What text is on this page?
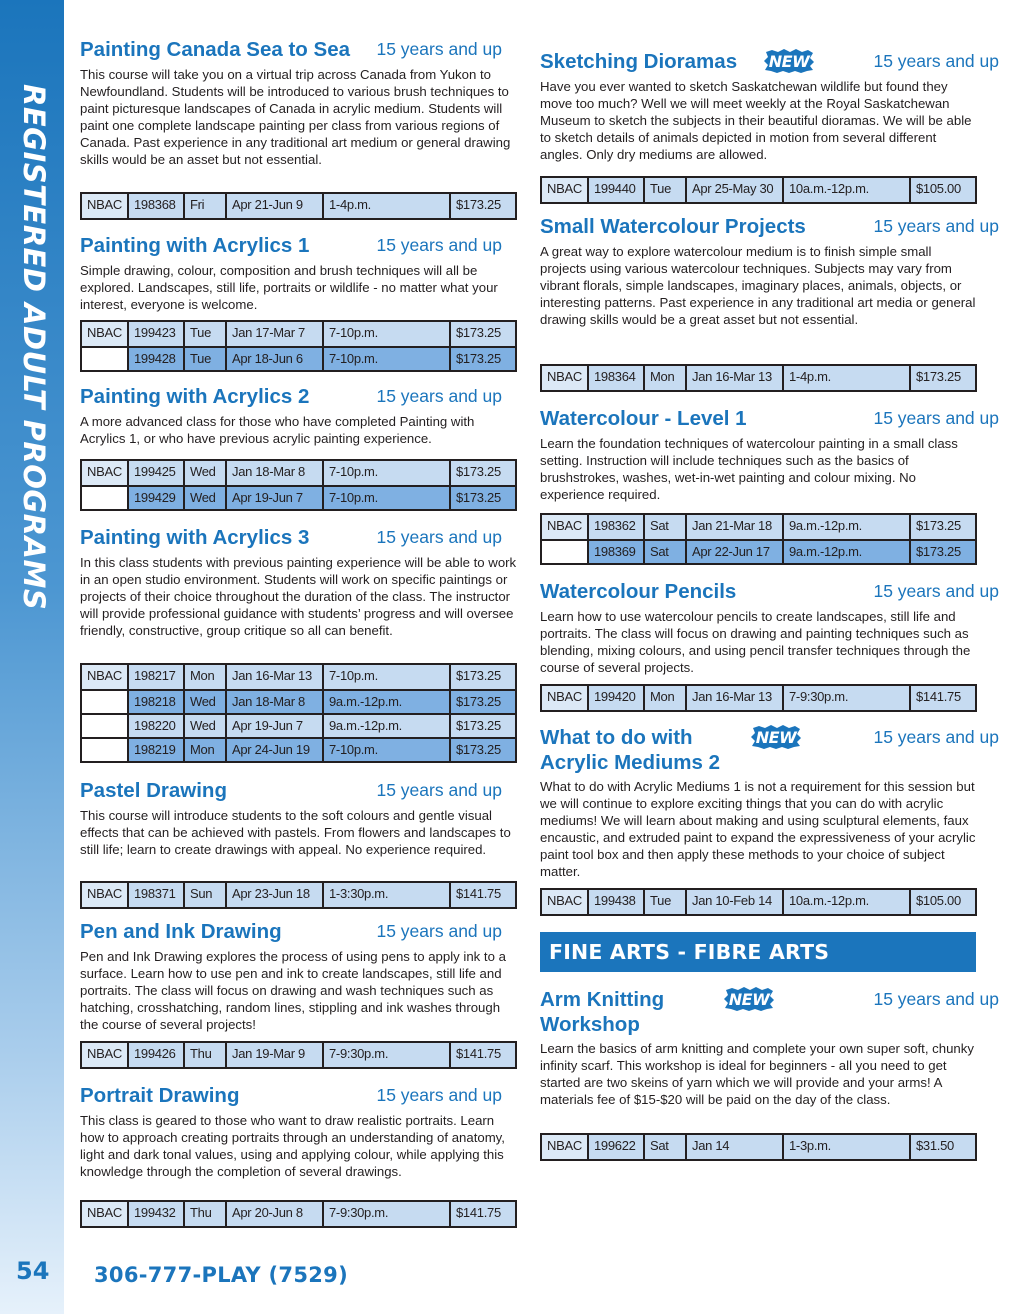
REGISTERED ADULT PROGRAMS
54 306-777-PLAY (7529)
Painting Canada Sea to Sea	15 years and up
This course will take you on a virtual trip across Canada from Yukon to Newfoundland. Students will be introduced to various brush techniques to paint picturesque landscapes of Canada in acrylic medium. Students will paint one complete landscape painting per class from various regions of Canada. Past experience in any traditional art medium or general drawing skills would be an asset but not essential.
NBAC 198368	Fri	Apr 21-Jun 9	1-4p.m.	$173.25
Painting with Acrylics 1	15 years and up
Simple drawing, colour, composition and brush techniques will all be explored. Landscapes, still life, portraits or wildlife - no matter what your interest, everyone is welcome.
NBAC 199423	Tue	Jan 17-Mar 7	7-10p.m.	$173.25
199428	Tue	Apr 18-Jun 6	7-10p.m.	$173.25
Painting with Acrylics 2	15 years and up
A more advanced class for those who have completed Painting with Acrylics 1, or who have previous acrylic painting experience.
NBAC 199425	Wed	Jan 18-Mar 8	7-10p.m.	$173.25
199429	Wed	Apr 19-Jun 7	7-10p.m.	$173.25
Painting with Acrylics 3	15 years and up
In this class students with previous painting experience will be able to work in an open studio environment. Students will work on specific paintings or projects of their choice throughout the duration of the class. The instructor will provide professional guidance with students’ progress and will oversee friendly, constructive, group critique so all can benefit.
NBAC 198217	Mon	Jan 16-Mar 13	7-10p.m.	$173.25
198218	Wed	Jan 18-Mar 8	9a.m.-12p.m.	$173.25
198220	Wed	Apr 19-Jun 7	9a.m.-12p.m.	$173.25
198219	Mon	Apr 24-Jun 19	7-10p.m.	$173.25
Pastel Drawing	15 years and up
This course will introduce students to the soft colours and gentle visual effects that can be achieved with pastels. From flowers and landscapes to still life; learn to create drawings with appeal. No experience required.
NBAC 198371	Sun	Apr 23-Jun 18	1-3:30p.m.	$141.75
Pen and Ink Drawing	15 years and up
Pen and Ink Drawing explores the process of using pens to apply ink to a surface. Learn how to use pen and ink to create landscapes, still life and portraits. The class will focus on drawing and wash techniques such as hatching, crosshatching, random lines, stippling and ink washes through the course of several projects!
NBAC 199426	Thu	Jan 19-Mar 9	7-9:30p.m.	$141.75
Portrait Drawing	15 years and up
This class is geared to those who want to draw realistic portraits. Learn how to approach creating portraits through an understanding of anatomy, light and dark tonal values, using and applying colour, while applying this knowledge through the completion of several drawings.
NBAC 199432	Thu	Apr 20-Jun 8	7-9:30p.m.	$141.75
Sketching Dioramas	NEW	15 years and up
Have you ever wanted to sketch Saskatchewan wildlife but found they move too much? Well we will meet weekly at the Royal Saskatchewan Museum to sketch the subjects in their beautiful dioramas. We will be able to sketch details of animals depicted in motion from several different angles. Only dry mediums are allowed.
NBAC 199440	Tue	Apr 25-May 30	10a.m.-12p.m.	$105.00
Small Watercolour Projects	15 years and up
A great way to explore watercolour medium is to finish simple small projects using various watercolour techniques. Subjects may vary from vibrant florals, simple landscapes, imaginary places, animals, objects, or interesting patterns. Past experience in any traditional art media or general drawing skills would be a great asset but not essential.
NBAC 198364	Mon	Jan 16-Mar 13	1-4p.m.	$173.25
Watercolour - Level 1	15 years and up
Learn the foundation techniques of watercolour painting in a small class setting. Instruction will include techniques such as the basics of brushstrokes, washes, wet-in-wet painting and colour mixing. No experience required.
NBAC 198362	Sat	Jan 21-Mar 18	9a.m.-12p.m.	$173.25
198369	Sat	Apr 22-Jun 17	9a.m.-12p.m.	$173.25
Watercolour Pencils	15 years and up
Learn how to use watercolour pencils to create landscapes, still life and portraits. The class will focus on drawing and painting techniques such as blending, mixing colours, and using pencil transfer techniques through the course of several projects.
NBAC 199420	Mon	Jan 16-Mar 13	7-9:30p.m.	$141.75
What to do with
Acrylic Mediums 2
NEW	15 years and up
What to do with Acrylic Mediums 1 is not a requirement for this session but we will continue to explore exciting things that you can do with acrylic mediums! We will learn about making and using sculptural elements, faux encaustic, and extruded paint to expand the expressiveness of your acrylic paint tool box and then apply these methods to your choice of subject matter.
NBAC 199438	Tue	Jan 10-Feb 14	10a.m.-12p.m.	$105.00
Arm Knitting
Workshop
NEW	15 years and up
Learn the basics of arm knitting and complete your own super soft, chunky infinity scarf. This workshop is ideal for beginners - all you need to get started are two skeins of yarn which we will provide and your arms! A materials fee of $15-$20 will be paid on the day of the class.
NBAC 199622	Sat	Jan 14	1-3p.m.	$31.50
FINE ARTS - FIBRE ARTS
